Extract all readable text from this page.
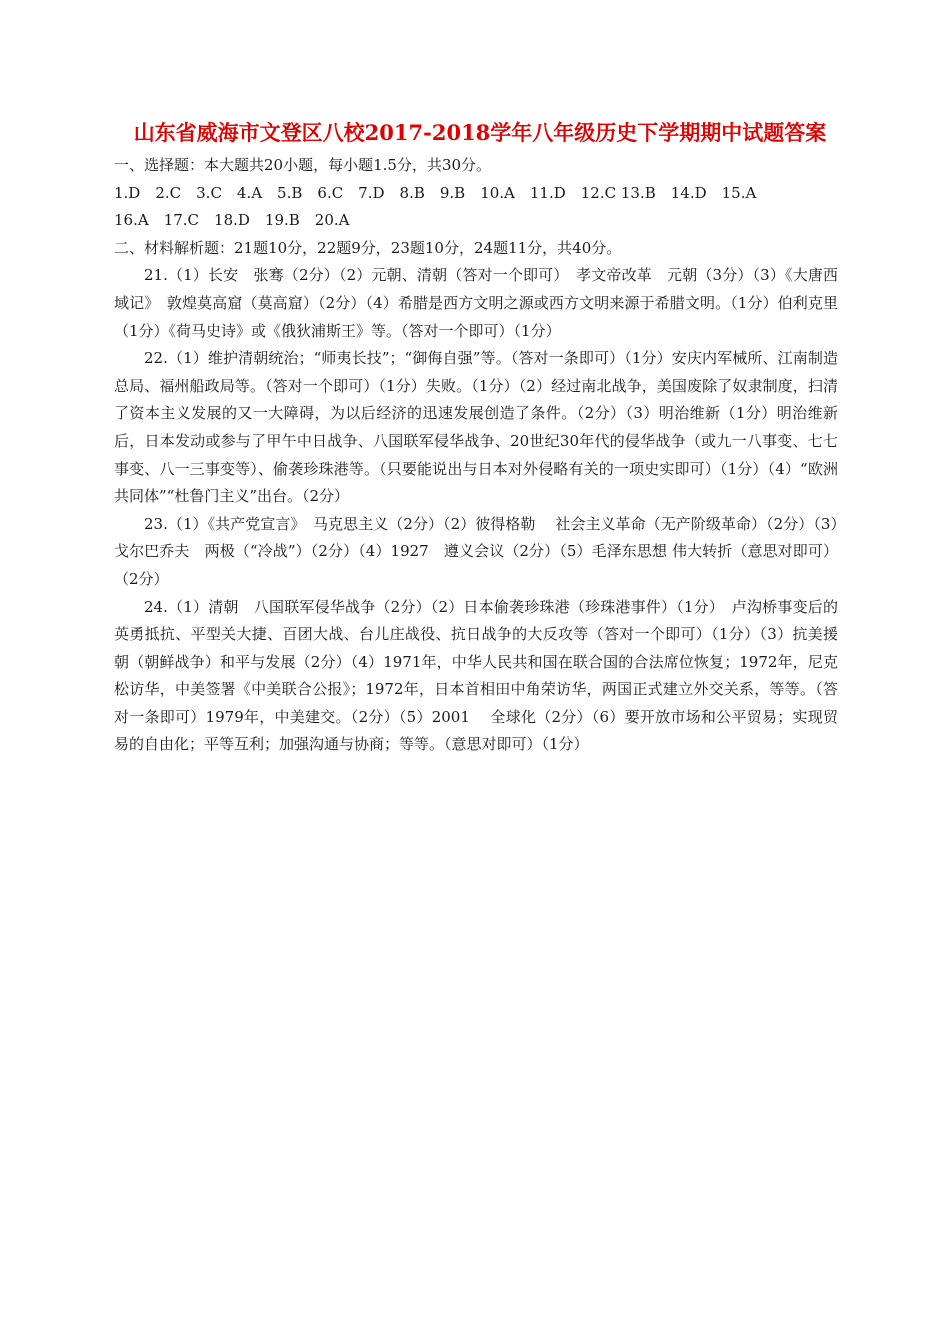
山东省威海市文登区八校2017-2018学年八年级历史下学期期中试题答案
一、选择题：本大题共20小题，每小题1.5分，共30分。
1.D　2.C　3.C　4.A　5.B　6.C　7.D　8.B　9.B　10.A　11.D　12.C 13.B　14.D　15.A
16.A　17.C　18.D　19.B　20.A
二、材料解析题：21题10分，22题9分，23题10分，24题11分，共40分。

21.（1）长安　张骞（2分）（2）元朝、清朝（答对一个即可）　孝文帝改革　元朝（3分）（3）《大唐西域记》　敦煌莫高窟（莫高窟）（2分）（4）希腊是西方文明之源或西方文明来源于希腊文明。（1分）伯利克里（1分）《荷马史诗》或《俄狄浦斯王》等。（答对一个即可）（1分）

22.（1）维护清朝统治；“师夷长技”；“御侮自强”等。（答对一条即可）（1分）安庆内军械所、江南制造总局、福州船政局等。（答对一个即可）（1分）失败。（1分）（2）经过南北战争，美国废除了奴隶制度，扫清了资本主义发展的又一大障碍，为以后经济的迅速发展创造了条件。（2分）（3）明治维新（1分）明治维新后，日本发动或参与了甲午中日战争、八国联军侵华战争、20世纪30年代的侵华战争（或九一八事变、七七事变、八一三事变等）、偷袭珍珠港等。（只要能说出与日本对外侵略有关的一项史实即可）（1分）（4）“欧洲共同体”“杜鲁门主义”出台。（2分）

23.（1）《共产党宣言》　马克思主义（2分）（2）彼得格勒　 社会主义革命（无产阶级革命）（2分）（3）戈尔巴乔夫　两极（“冷战”）（2分）（4）1927　遵义会议（2分）（5）毛泽东思想 伟大转折（意思对即可）（2分）

24.（1）清朝　八国联军侵华战争（2分）（2）日本偷袭珍珠港（珍珠港事件）（1分）　卢沟桥事变后的英勇抵抗、平型关大捷、百团大战、台儿庄战役、抗日战争的大反攻等（答对一个即可）（1分）（3）抗美援朝（朝鲜战争）和平与发展（2分）（4）1971年，中华人民共和国在联合国的合法席位恢复；1972年，尼克松访华，中美签署《中美联合公报》；1972年，日本首相田中角荣访华，两国正式建立外交关系，等等。（答对一条即可）1979年，中美建交。（2分）（5）2001　 全球化（2分）（6）要开放市场和公平贸易；实现贸易的自由化；平等互利；加强沟通与协商；等等。（意思对即可）（1分）
